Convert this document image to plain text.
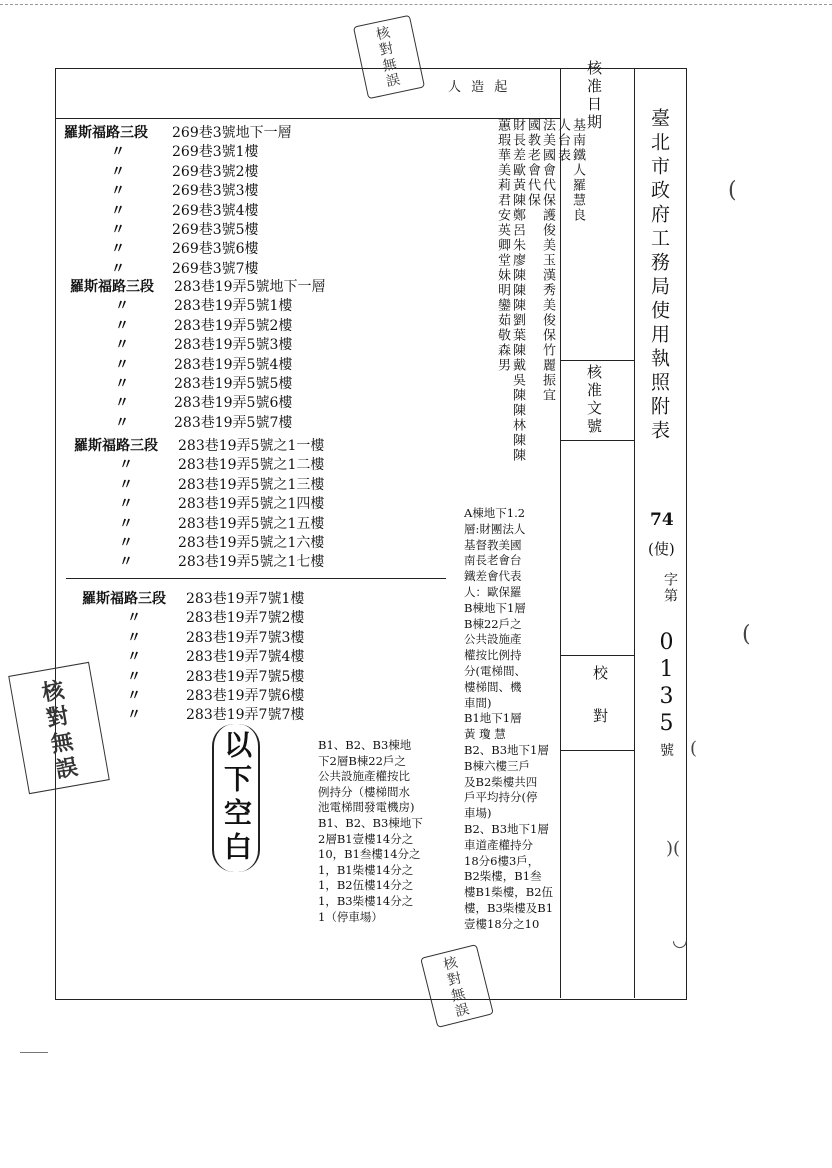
人 造 起	核准日期
核准文號
校對
臺北市政府工務局使用執照附表
74
(使)
字第
0135
號
(
(
(
)(
◡
核對無誤
核對無誤
核對無誤
羅斯福路三段	269巷3號地下一層
〃	269巷3號1樓
〃	269巷3號2樓
〃	269巷3號3樓
〃	269巷3號4樓
〃	269巷3號5樓
〃	269巷3號6樓
〃	269巷3號7樓
羅斯福路三段	283巷19弄5號地下一層
〃	283巷19弄5號1樓
〃	283巷19弄5號2樓
〃	283巷19弄5號3樓
〃	283巷19弄5號4樓
〃	283巷19弄5號5樓
〃	283巷19弄5號6樓
〃	283巷19弄5號7樓
羅斯福路三段	283巷19弄5號之1一樓
〃	283巷19弄5號之1二樓
〃	283巷19弄5號之1三樓
〃	283巷19弄5號之1四樓
〃	283巷19弄5號之1五樓
〃	283巷19弄5號之1六樓
〃	283巷19弄5號之1七樓
羅斯福路三段	283巷19弄7號1樓
〃	283巷19弄7號2樓
〃	283巷19弄7號3樓
〃	283巷19弄7號4樓
〃	283巷19弄7號5樓
〃	283巷19弄7號6樓
〃	283巷19弄7號7樓
以下空白
基南鐵人羅慧良
人台表
法美國會代保護俊美玉漢秀美俊保竹麗振宜
國教老會代保
財長差歐黃陳鄭呂朱廖陳陳陳劉葉陳戴吳陳陳林陳陳
蕙瑕華美莉君安英卿堂妹明鑾茹敬森男
A棟地下1.2
層:財團法人
基督教美國
南長老會台
鐵差會代表
人：歐保羅
B棟地下1層
B棟22戶之
公共設施產
權按比例持
分(電梯間、
樓梯間、機
車間)
B1地下1層
黃 瓊 慧
B2、B3地下1層
B棟六樓三戶
及B2柴樓共四
戶平均持分(停
車場)
B2、B3地下1層
車道產權持分
18分6樓3戶，
B2柴樓，B1叁
樓B1柴樓，B2伍
樓，B3柴樓及B1
壹樓18分之10
B1、B2、B3棟地
下2層B棟22戶之
公共設施產權按比
例持分（樓梯間水
池電梯間發電機房)
B1、B2、B3棟地下
2層B1壹樓14分之
10，B1叁樓14分之
1，B1柴樓14分之
1，B2伍樓14分之
1，B3柴樓14分之
1（停車場）
